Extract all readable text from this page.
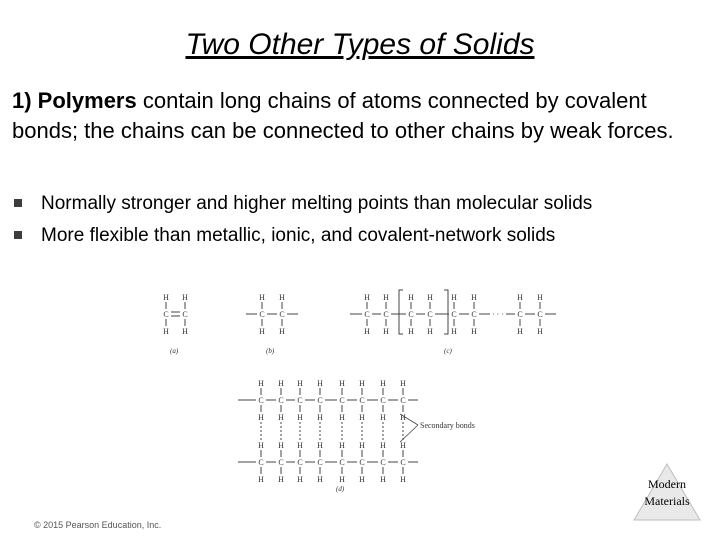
Two Other Types of Solids
1) Polymers contain long chains of atoms connected by covalent bonds; the chains can be connected to other chains by weak forces.
Normally stronger and higher melting points than molecular solids
More flexible than metallic, ionic, and covalent-network solids
C
H
H
C
H
H
C
H
H
C
H
H
C
H
H
C
H
H
C
H
H
C
H
H
C
H
H
C
H
H
· · · C
H
H
C
H
H
C
H
H
C
H
H
C
H
H
C
H
H
C
H
H
C
H
H
C
H
H
C
H
H
C
H
H
C
H
H
C
H
H
C
H
H
C
H
H
C
H
H
C
H
H
C
H
H
Secondary bonds
(a)	(b)	(c)
(d)	Modern
Materials
© 2015 Pearson Education, Inc.
